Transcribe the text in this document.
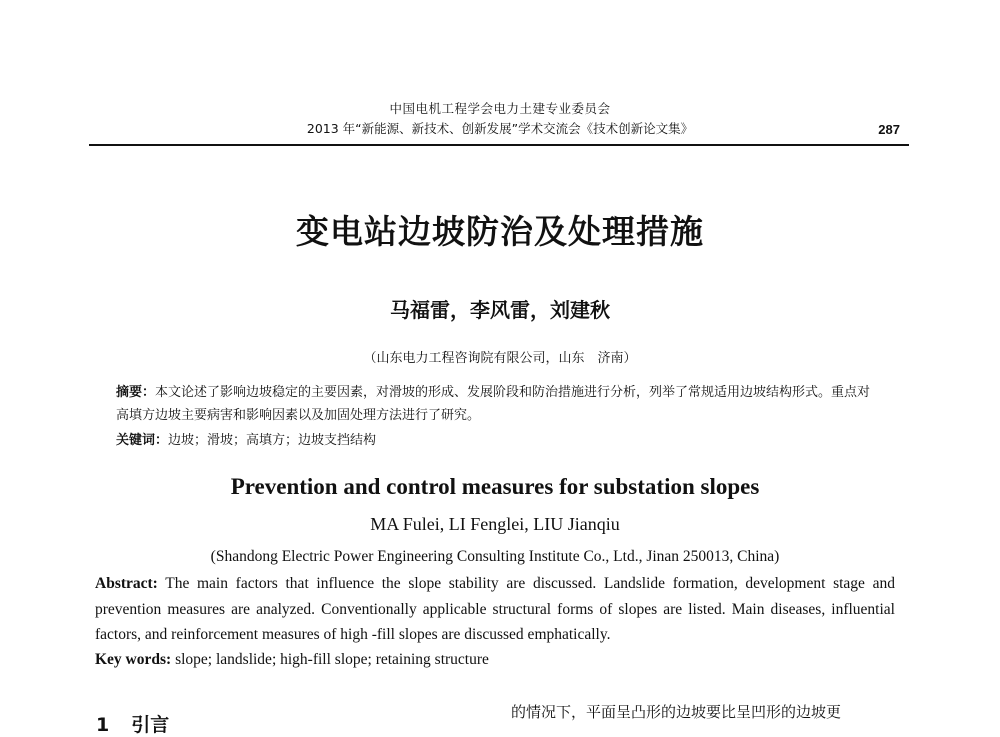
中国电机工程学会电力土建专业委员会
2013 年“新能源、新技术、创新发展”学术交流会《技术创新论文集》	287
变电站边坡防治及处理措施
马福雷，李风雷，刘建秋
（山东电力工程咨询院有限公司，山东　济南）
摘要：本文论述了影响边坡稳定的主要因素，对滑坡的形成、发展阶段和防治措施进行分析，列举了常规适用边坡结构形式。重点对高填方边坡主要病害和影响因素以及加固处理方法进行了研究。
关键词：边坡；滑坡；高填方；边坡支挡结构
Prevention and control measures for substation slopes
MA Fulei, LI Fenglei, LIU Jianqiu
(Shandong Electric Power Engineering Consulting Institute Co., Ltd., Jinan 250013, China)
Abstract: The main factors that influence the slope stability are discussed. Landslide formation, development stage and prevention measures are analyzed. Conventionally applicable structural forms of slopes are listed. Main diseases, influential factors, and reinforcement measures of high -fill slopes are discussed emphatically.
Key words: slope; landslide; high-fill slope; retaining structure
1 引言
的情况下，平面呈凸形的边坡要比呈凹形的边坡更
